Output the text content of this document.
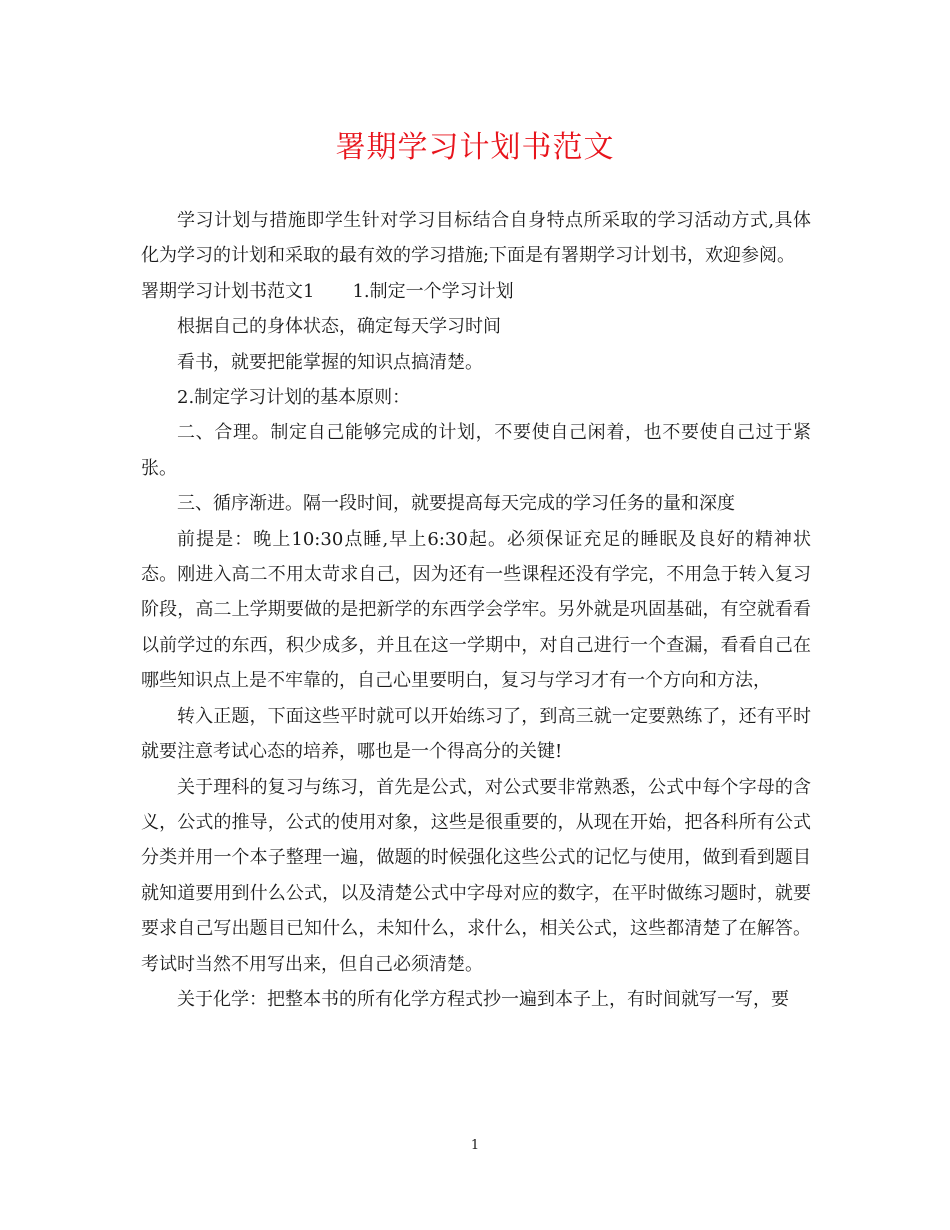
署期学习计划书范文

学习计划与措施即学生针对学习目标结合自身特点所采取的学习活动方式,具体化为学习的计划和采取的最有效的学习措施;下面是有署期学习计划书，欢迎参阅。

署期学习计划书范文1 1.制定一个学习计划

根据自己的身体状态，确定每天学习时间

看书，就要把能掌握的知识点搞清楚。

2.制定学习计划的基本原则：

二、合理。制定自己能够完成的计划，不要使自己闲着，也不要使自己过于紧张。

三、循序渐进。隔一段时间，就要提高每天完成的学习任务的量和深度

前提是：晚上10:30点睡,早上6:30起。必须保证充足的睡眠及良好的精神状态。刚进入高二不用太苛求自己，因为还有一些课程还没有学完，不用急于转入复习阶段，高二上学期要做的是把新学的东西学会学牢。另外就是巩固基础，有空就看看以前学过的东西，积少成多，并且在这一学期中，对自己进行一个查漏，看看自己在哪些知识点上是不牢靠的，自己心里要明白，复习与学习才有一个方向和方法，

转入正题，下面这些平时就可以开始练习了，到高三就一定要熟练了，还有平时就要注意考试心态的培养，哪也是一个得高分的关键!

关于理科的复习与练习，首先是公式，对公式要非常熟悉，公式中每个字母的含义，公式的推导，公式的使用对象，这些是很重要的，从现在开始，把各科所有公式分类并用一个本子整理一遍，做题的时候强化这些公式的记忆与使用，做到看到题目就知道要用到什么公式，以及清楚公式中字母对应的数字，在平时做练习题时，就要要求自己写出题目已知什么，未知什么，求什么，相关公式，这些都清楚了在解答。考试时当然不用写出来，但自己必须清楚。

关于化学：把整本书的所有化学方程式抄一遍到本子上，有时间就写一写，要

1
